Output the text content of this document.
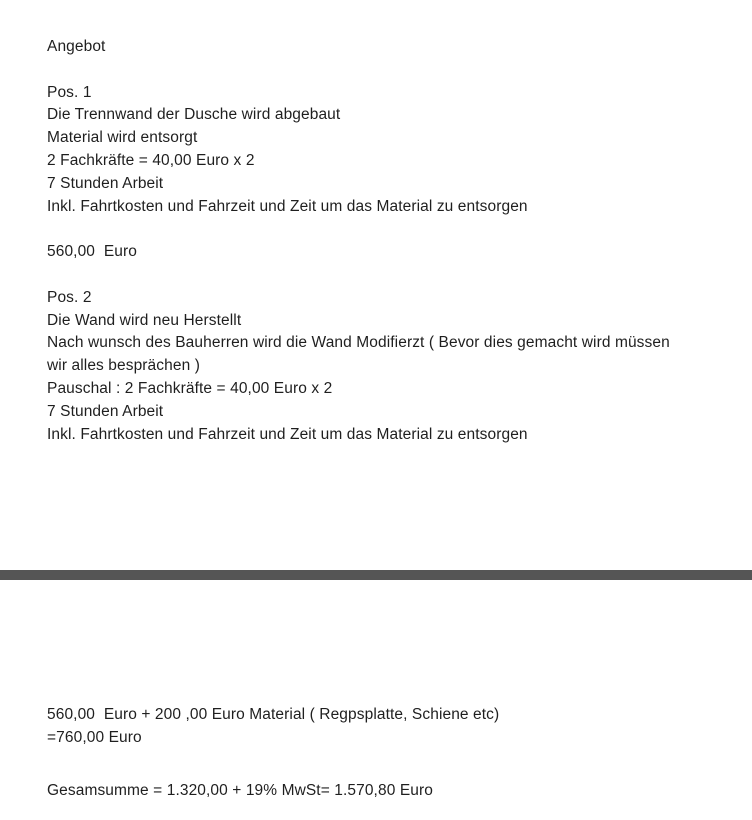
Angebot
Pos. 1
Die Trennwand der Dusche wird abgebaut
Material wird entsorgt
2 Fachkräfte = 40,00 Euro x 2
7 Stunden Arbeit
Inkl. Fahrtkosten und Fahrzeit und Zeit um das Material zu entsorgen
560,00  Euro
Pos. 2
Die Wand wird neu Herstellt
Nach wunsch des Bauherren wird die Wand Modifierzt ( Bevor dies gemacht wird müssen
wir alles besprächen )
Pauschal : 2 Fachkräfte = 40,00 Euro x 2
7 Stunden Arbeit
Inkl. Fahrtkosten und Fahrzeit und Zeit um das Material zu entsorgen
560,00  Euro + 200 ,00 Euro Material ( Regpsplatte, Schiene etc)
=760,00 Euro
Gesamsumme = 1.320,00 + 19% MwSt= 1.570,80 Euro
